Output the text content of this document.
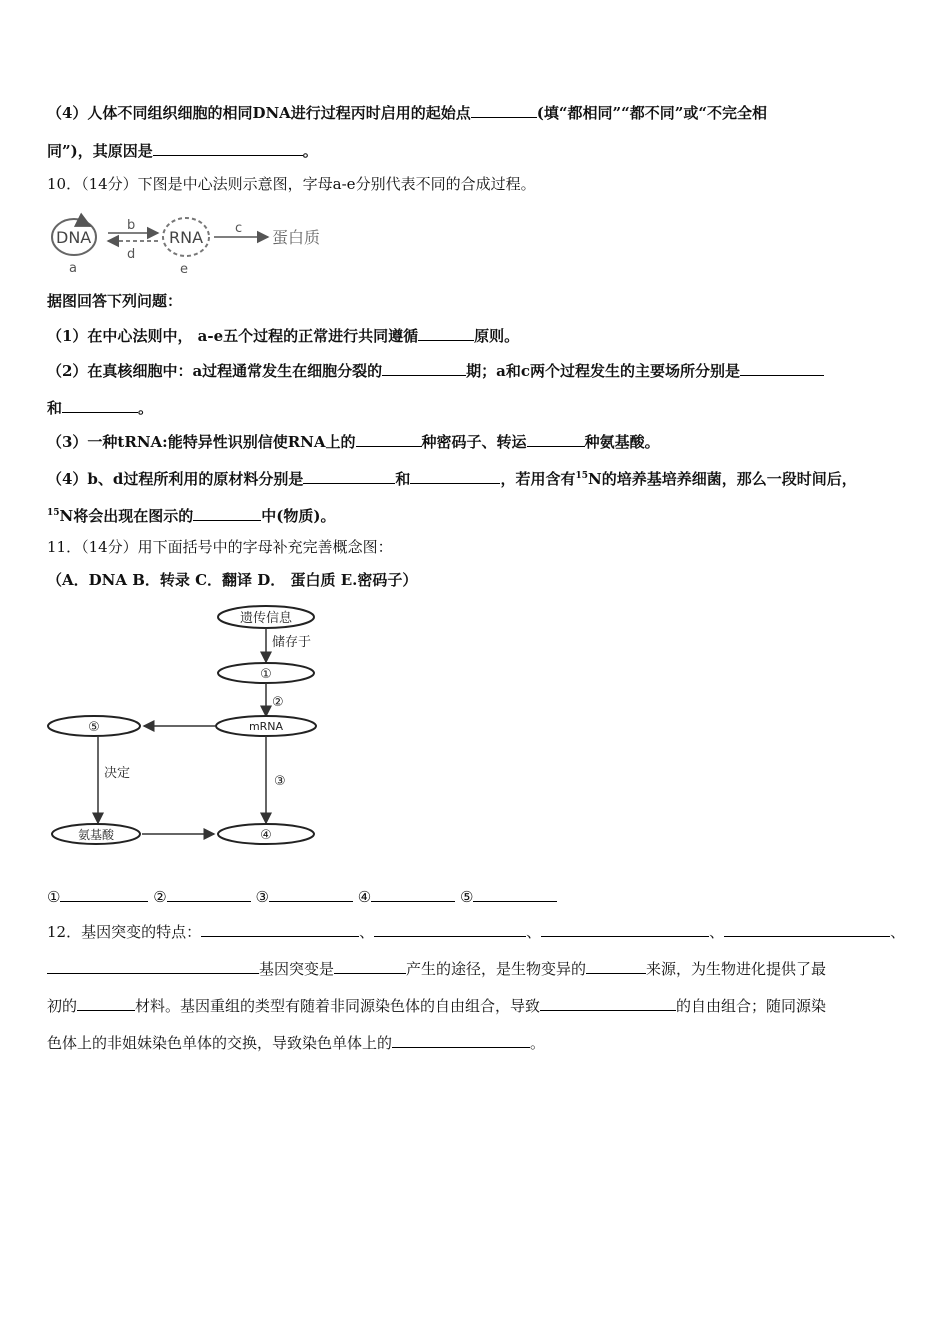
（4）人体不同组织细胞的相同DNA进行过程丙时启用的起始点	(填“都相同”“都不同”或“不完全相
同”)，其原因是	。
10．（14分）下图是中心法则示意图，字母a-e分别代表不同的合成过程。
DNA
a
b
d
RNA
e
c 蛋白质
据图回答下列问题：
（1）在中心法则中， a-e五个过程的正常进行共同遵循	原则。
（2）在真核细胞中：a过程通常发生在细胞分裂的	期；a和c两个过程发生的主要场所分别是
和	。
（3）一种tRNA:能特异性识别信使RNA上的	种密码子、转运	种氨基酸。
（4）b、d过程所利用的原材料分别是	和	，若用含有$^{15}$N的培养基培养细菌，那么一段时间后，
$^{15}$N将会出现在图示的	中(物质)。
11．（14分）用下面括号中的字母补充完善概念图：
（A．DNA B．转录 C．翻译 D． 蛋白质 E.密码子）
遗传信息
储存于
①
②
mRNA
⑤
决定
③
氨基酸	④
①	②	③	④	⑤
12．基因突变的特点：	、	、	、	、
基因突变是	产生的途径，是生物变异的	来源，为生物进化提供了最
初的	材料。基因重组的类型有随着非同源染色体的自由组合，导致	的自由组合；随同源染
色体上的非姐妹染色单体的交换，导致染色单体上的	。
